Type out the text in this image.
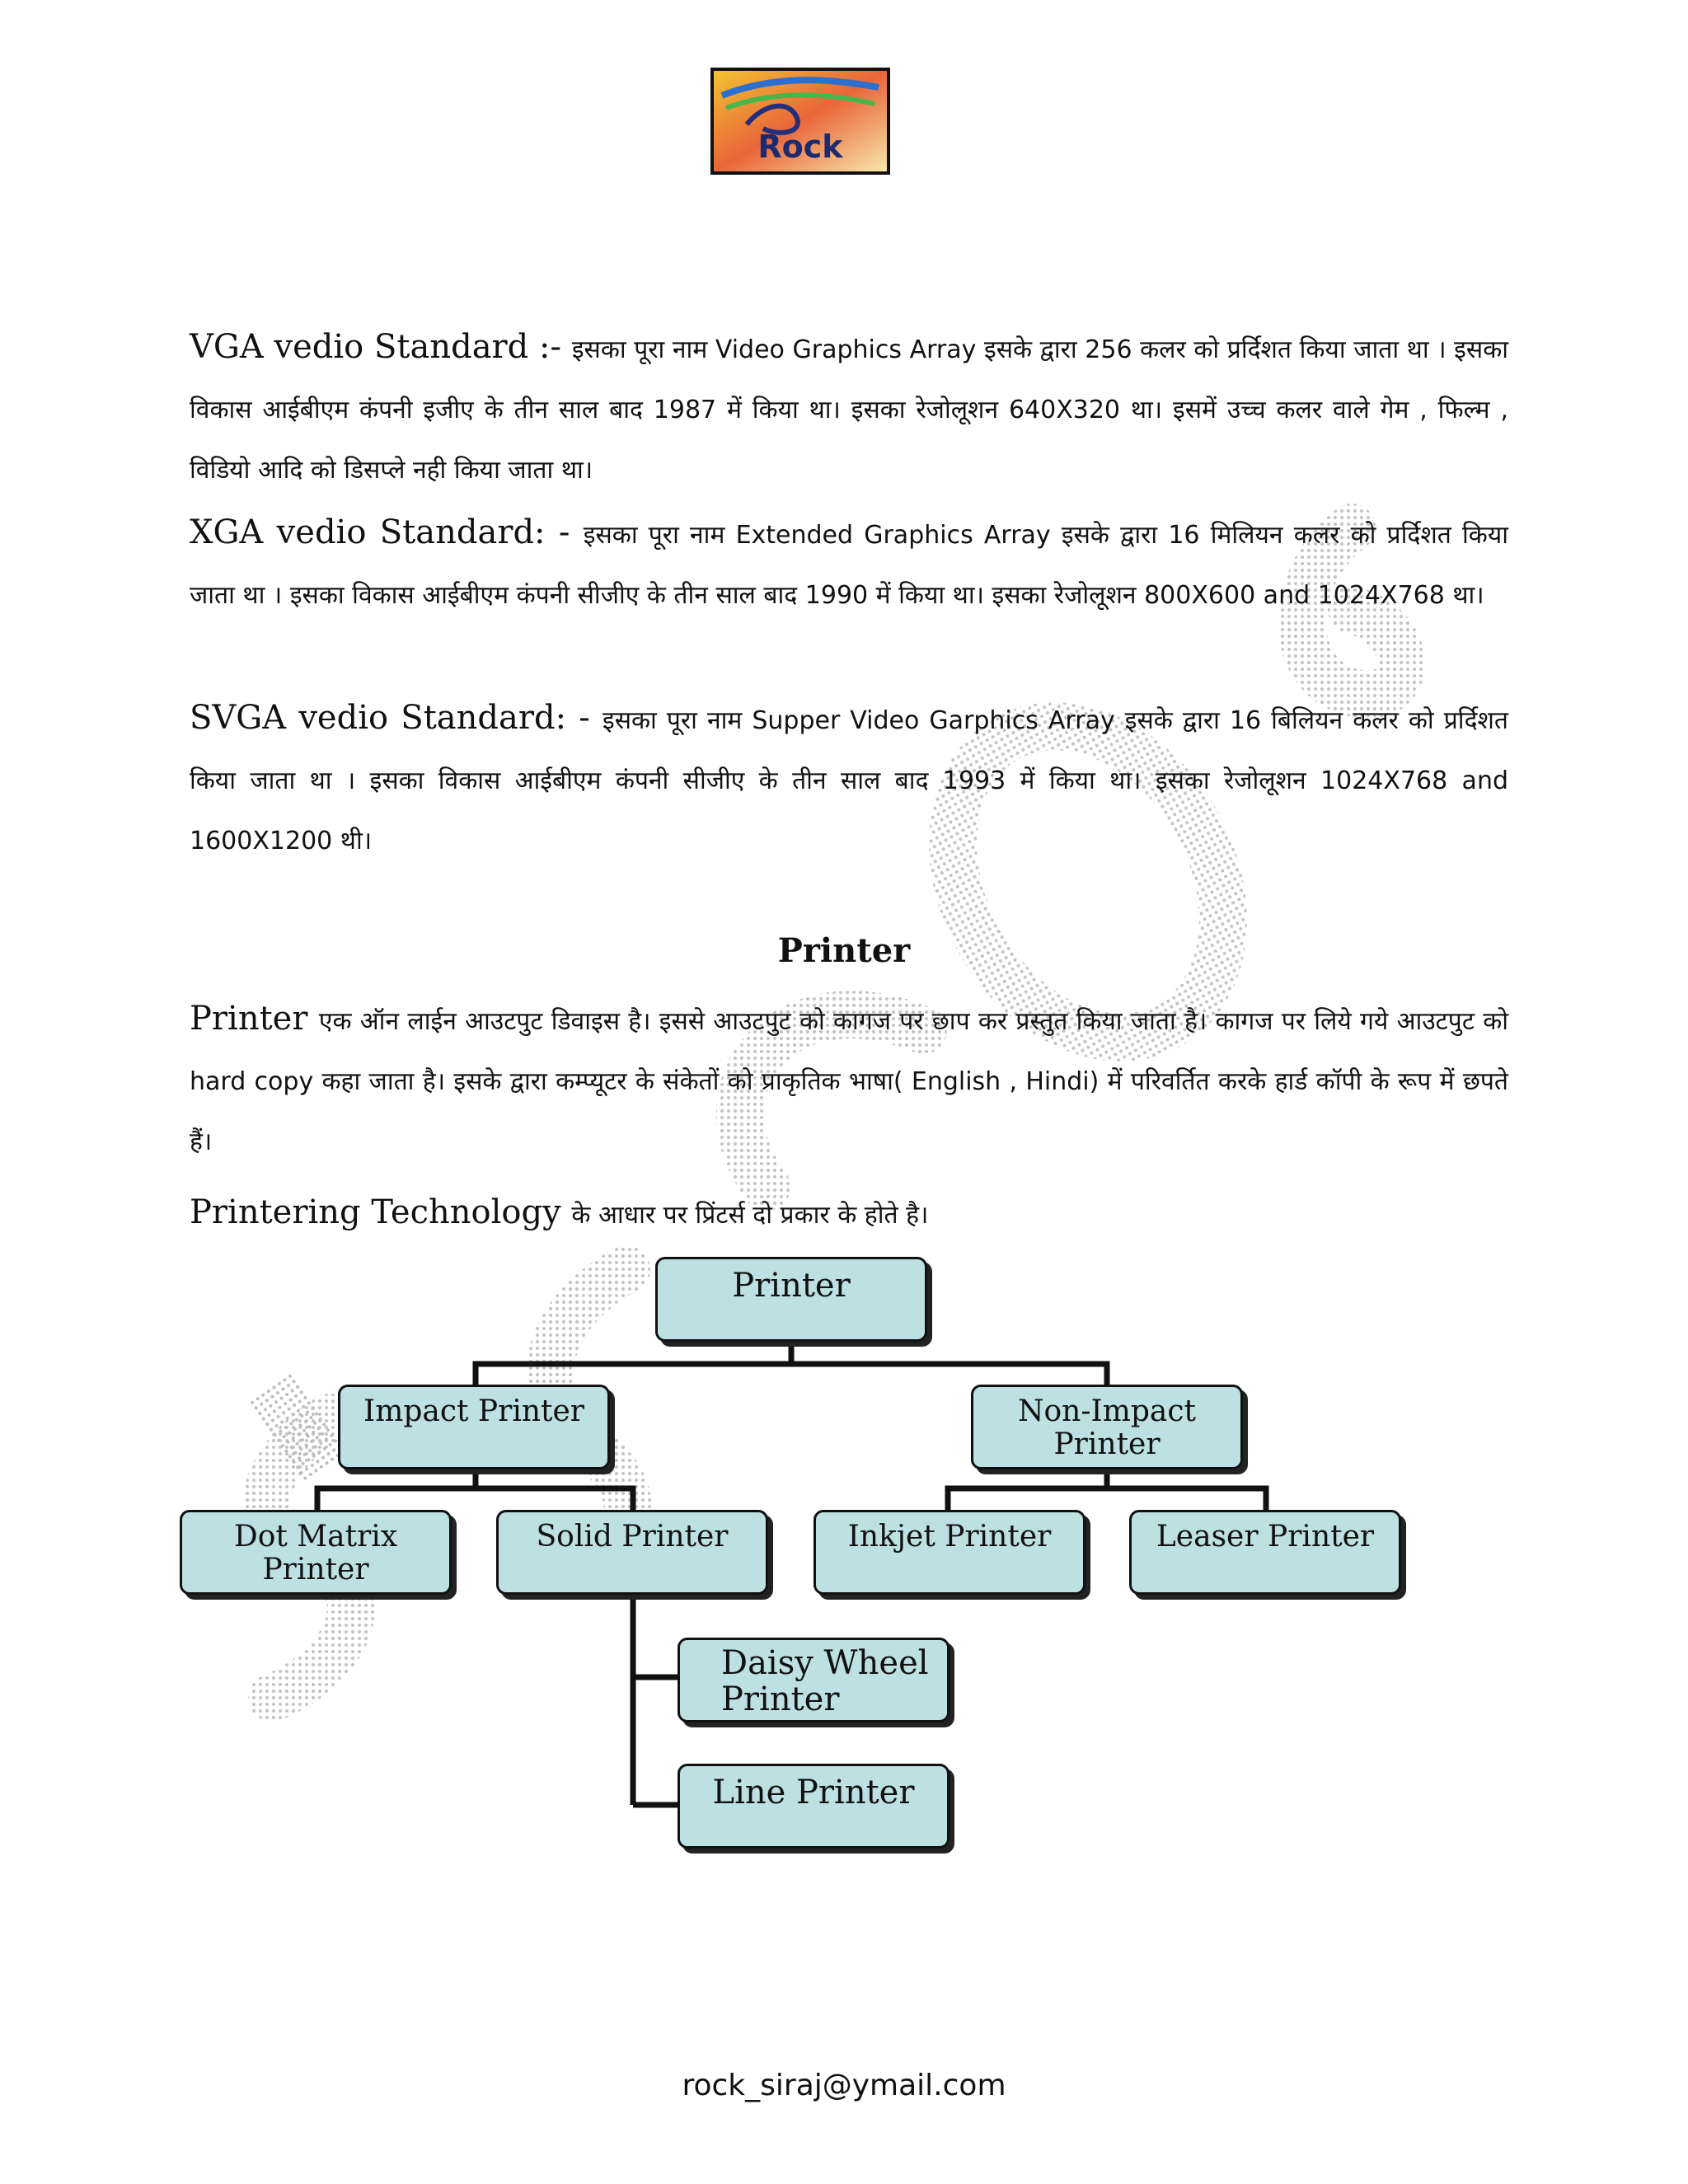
Rock
VGA vedio Standard :- इसका पूरा नाम Video Graphics Array इसके द्वारा 256 कलर को प्रर्दिशत किया जाता था । इसका विकास आईबीएम कंपनी इजीए के तीन साल बाद 1987 में किया था। इसका रेजोलूशन 640X320 था। इसमें उच्च कलर वाले गेम , फिल्म , विडियो आदि को डिसप्ले नही किया जाता था।
XGA vedio Standard: - इसका पूरा नाम Extended Graphics Array इसके द्वारा 16 मिलियन कलर को प्रर्दिशत किया जाता था । इसका विकास आईबीएम कंपनी सीजीए के तीन साल बाद 1990 में किया था। इसका रेजोलूशन 800X600 and 1024X768 था।
SVGA vedio Standard: - इसका पूरा नाम Supper Video Garphics Array इसके द्वारा 16 बिलियन कलर को प्रर्दिशत किया जाता था । इसका विकास आईबीएम कंपनी सीजीए के तीन साल बाद 1993 में किया था। इसका रेजोलूशन 1024X768 and 1600X1200 थी।
Printer
Printer एक ऑन लाईन आउटपुट डिवाइस है। इससे आउटपुट को कागज पर छाप कर प्रस्तुत किया जाता है। कागज पर लिये गये आउटपुट को hard copy कहा जाता है। इसके द्वारा कम्प्यूटर के संकेतों को प्राकृतिक भाषा( English , Hindi) में परिवर्तित करके हार्ड कॉपी के रूप में छपते हैं।
Printering Technology के आधार पर प्रिंटर्स दो प्रकार के होते है।
Printer
Impact Printer	Non-Impact Printer
Dot Matrix Printer
Solid Printer	Inkjet Printer	Leaser Printer
Daisy Wheel
Printer
Line Printer
rock_siraj@ymail.com
